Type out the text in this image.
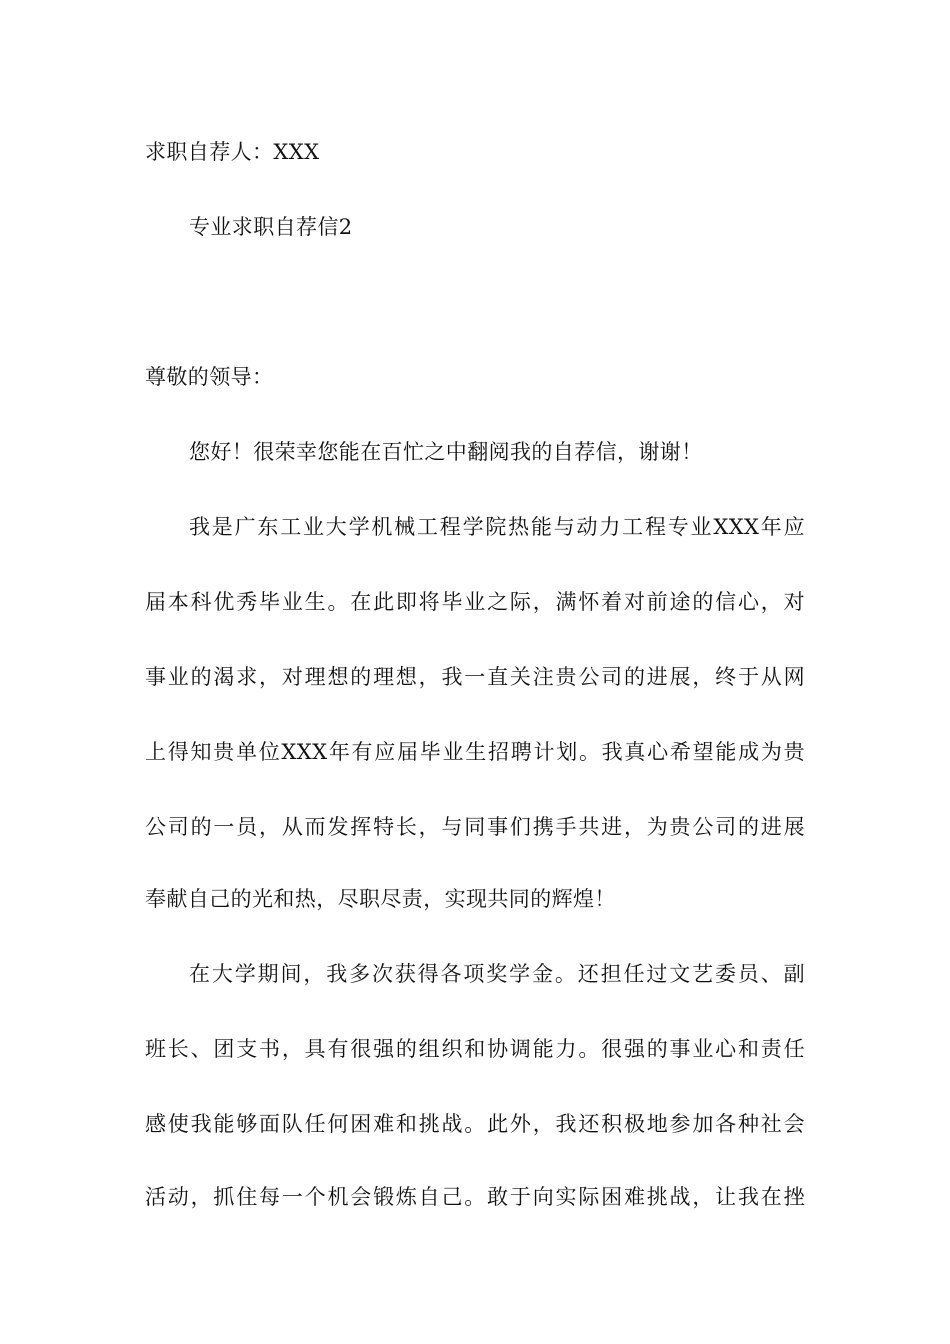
求职自荐人：XXX
专业求职自荐信2
尊敬的领导：
您好！很荣幸您能在百忙之中翻阅我的自荐信，谢谢！
我是广东工业大学机械工程学院热能与动力工程专业XXX年应
届本科优秀毕业生。在此即将毕业之际，满怀着对前途的信心，对
事业的渴求，对理想的理想，我一直关注贵公司的进展，终于从网
上得知贵单位XXX年有应届毕业生招聘计划。我真心希望能成为贵
公司的一员，从而发挥特长，与同事们携手共进，为贵公司的进展
奉献自己的光和热，尽职尽责，实现共同的辉煌！
在大学期间，我多次获得各项奖学金。还担任过文艺委员、副
班长、团支书，具有很强的组织和协调能力。很强的事业心和责任
感使我能够面队任何困难和挑战。此外，我还积极地参加各种社会
活动，抓住每一个机会锻炼自己。敢于向实际困难挑战，让我在挫
